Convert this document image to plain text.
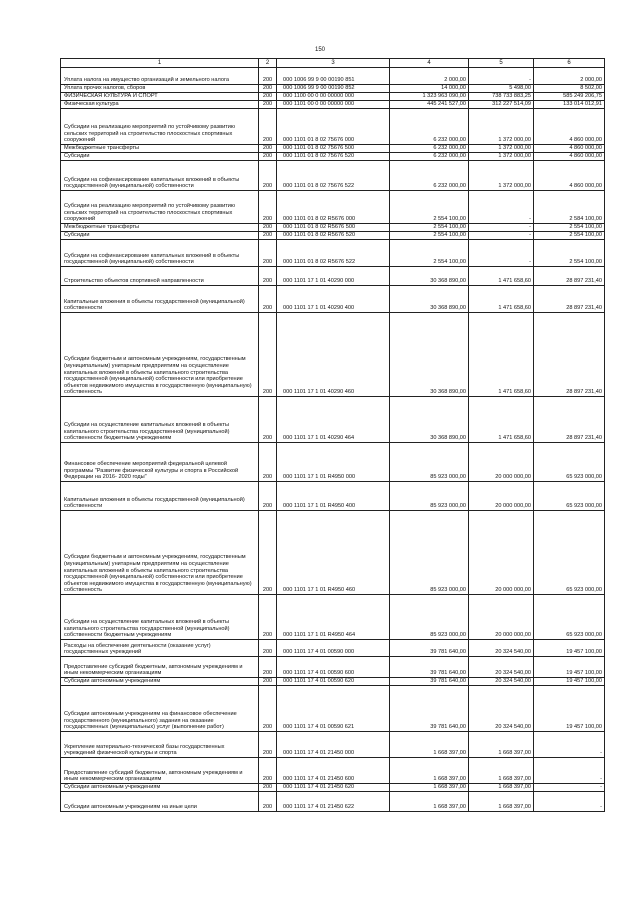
150
1	2	3	4	5	6
Уплата налога на имущество организаций и земельного налога	200	000 1006 99 9 00 00190 851	2 000,00	-	2 000,00
Уплата прочих налогов, сборов	200	000 1006 99 9 00 00190 852	14 000,00	5 498,00	8 502,00
ФИЗИЧЕСКАЯ КУЛЬТУРА И СПОРТ	200	000 1100 00 0 00 00000 000	1 323 963 090,00	738 733 883,25	585 249 206,75
Физическая культура	200	000 1101 00 0 00 00000 000	445 241 527,00	312 227 514,09	133 014 012,91
Субсидии на реализацию мероприятий по устойчивому развитию сельских территорий на строительство плоскостных спортивных сооружений	200	000 1101 01 8 02 75676 000	6 232 000,00	1 372 000,00	4 860 000,00
Межбюджетные трансферты	200	000 1101 01 8 02 75676 500	6 232 000,00	1 372 000,00	4 860 000,00
Субсидии	200	000 1101 01 8 02 75676 520	6 232 000,00	1 372 000,00	4 860 000,00
Субсидии на софинансирование капитальных вложений в объекты государственной (муниципальной) собственности	200	000 1101 01 8 02 75676 522	6 232 000,00	1 372 000,00	4 860 000,00
Субсидии на реализацию мероприятий по устойчивому развитию сельских территорий на строительство плоскостных спортивных сооружений	200	000 1101 01 8 02 R5676 000	2 554 100,00	-	2 584 100,00
Межбюджетные трансферты	200	000 1101 01 8 02 R5676 500	2 554 100,00	-	2 554 100,00
Субсидии	200	000 1101 01 8 02 R5676 520	2 554 100,00	-	2 554 100,00
Субсидии на софинансирование капитальных вложений в объекты государственной (муниципальной) собственности	200	000 1101 01 8 02 R5676 522	2 554 100,00	-	2 554 100,00
Строительство объектов спортивной направленности	200	000 1101 17 1 01 40290 000	30 368 890,00	1 471 658,60	28 897 231,40
Капитальные вложения в объекты государственной (муниципальной) собственности	200	000 1101 17 1 01 40290 400	30 368 890,00	1 471 658,60	28 897 231,40
Субсидии бюджетным и автономным учреждениям, государственным (муниципальным) унитарным предприятиям на осуществление капитальных вложений в объекты капитального строительства государственной (муниципальной) собственности или приобретение объектов недвижимого имущества в государственную (муниципальную) собственность	200	000 1101 17 1 01 40290 460	30 368 890,00	1 471 658,60	28 897 231,40
Субсидии на осуществление капитальных вложений в объекты капитального строительства государственной (муниципальной) собственности бюджетным учреждениям	200	000 1101 17 1 01 40290 464	30 368 890,00	1 471 658,60	28 897 231,40
Финансовое обеспечение мероприятий федеральной целевой программы "Развитие физической культуры и спорта в Российской Федерации на 2016- 2020 годы"	200	000 1101 17 1 01 R4950 000	85 923 000,00	20 000 000,00	65 923 000,00
Капитальные вложения в объекты государственной (муниципальной) собственности	200	000 1101 17 1 01 R4950 400	85 923 000,00	20 000 000,00	65 923 000,00
Субсидии бюджетным и автономным учреждениям, государственным (муниципальным) унитарным предприятиям на осуществление капитальных вложений в объекты капитального строительства государственной (муниципальной) собственности или приобретение объектов недвижимого имущества в государственную (муниципальную) собственность	200	000 1101 17 1 01 R4950 460	85 923 000,00	20 000 000,00	65 923 000,00
Субсидии на осуществление капитальных вложений в объекты капитального строительства государственной (муниципальной) собственности бюджетным учреждениям	200	000 1101 17 1 01 R4950 464	85 923 000,00	20 000 000,00	65 923 000,00
Расходы на обеспечение деятельности (оказание услуг) государственных учреждений	200	000 1101 17 4 01 00590 000	39 781 640,00	20 324 540,00	19 457 100,00
Предоставление субсидий бюджетным, автономным учреждениям и иным некоммерческим организациям	200	000 1101 17 4 01 00590 600	39 781 640,00	20 324 540,00	19 457 100,00
Субсидии автономным учреждениям	200	000 1101 17 4 01 00590 620	39 781 640,00	20 324 540,00	19 457 100,00
Субсидии автономным учреждениям на финансовое обеспечение государственного (муниципального) задания на оказание государственных (муниципальных) услуг (выполнение работ)	200	000 1101 17 4 01 00590 621	39 781 640,00	20 324 540,00	19 457 100,00
Укрепление материально-технической базы государственных учреждений физической культуры и спорта	200	000 1101 17 4 01 21450 000	1 668 397,00	1 668 397,00	-
Предоставление субсидий бюджетным, автономным учреждениям и иным некоммерческим организациям	200	000 1101 17 4 01 21450 600	1 668 397,00	1 668 397,00	-
Субсидии автономным учреждениям	200	000 1101 17 4 01 21450 620	1 668 397,00	1 668 397,00	-
Субсидии автономным учреждениям на иные цели	200	000 1101 17 4 01 21450 622	1 668 397,00	1 668 397,00	-
